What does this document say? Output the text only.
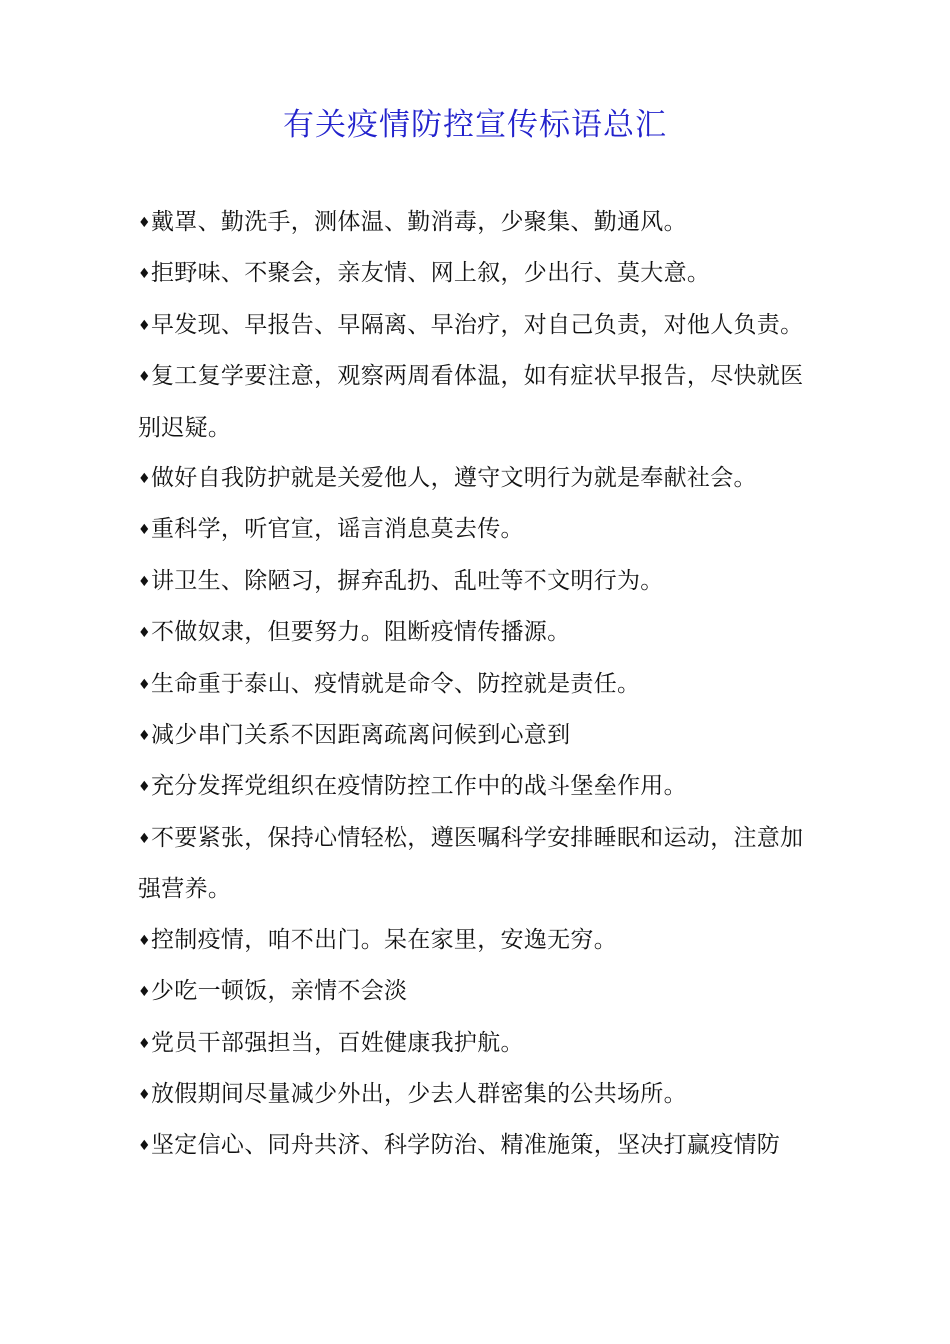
有关疫情防控宣传标语总汇
♦戴罩、勤洗手，测体温、勤消毒，少聚集、勤通风。
♦拒野味、不聚会，亲友情、网上叙，少出行、莫大意。
♦早发现、早报告、早隔离、早治疗，对自己负责，对他人负责。
♦复工复学要注意，观察两周看体温，如有症状早报告，尽快就医别迟疑。
♦做好自我防护就是关爱他人，遵守文明行为就是奉献社会。
♦重科学，听官宣，谣言消息莫去传。
♦讲卫生、除陋习，摒弃乱扔、乱吐等不文明行为。
♦不做奴隶，但要努力。阻断疫情传播源。
♦生命重于泰山、疫情就是命令、防控就是责任。
♦减少串门关系不因距离疏离问候到心意到
♦充分发挥党组织在疫情防控工作中的战斗堡垒作用。
♦不要紧张，保持心情轻松，遵医嘱科学安排睡眠和运动，注意加强营养。
♦控制疫情，咱不出门。呆在家里，安逸无穷。
♦少吃一顿饭，亲情不会淡
♦党员干部强担当，百姓健康我护航。
♦放假期间尽量减少外出，少去人群密集的公共场所。
♦坚定信心、同舟共济、科学防治、精准施策，坚决打赢疫情防
